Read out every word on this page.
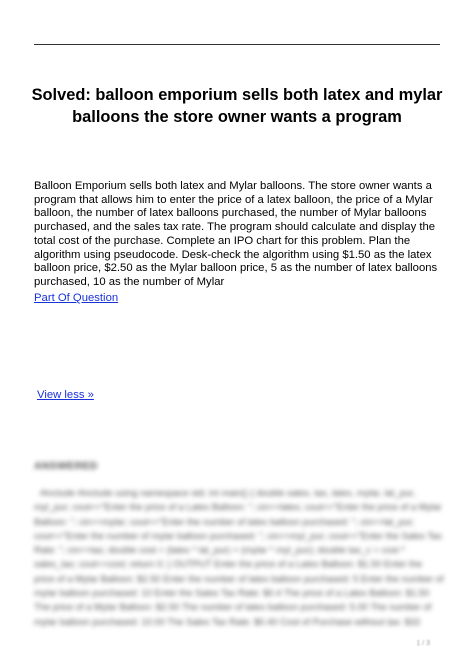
Solved: balloon emporium sells both latex and mylar balloons the store owner wants a program
Balloon Emporium sells both latex and Mylar balloons. The store owner wants a program that allows him to enter the price of a latex balloon, the price of a Mylar balloon, the number of latex balloons purchased, the number of Mylar balloons purchased, and the sales tax rate. The program should calculate and display the total cost of the purchase. Complete an IPO chart for this problem. Plan the algorithm using pseudocode. Desk-check the algorithm using $1.50 as the latex balloon price, $2.50 as the Mylar balloon price, 5 as the number of latex balloons purchased, 10 as the number of Mylar
Part Of Question
View less »
ANSWERED
#include #include using namespace std; int main() { double sales, tax, latex, mylar, lat_pur, myl_pur; cout<<"Enter the price of a Latex Balloon: "; cin>>latex; cout<<"Enter the price of a Mylar Balloon: "; cin>>mylar; cout<<"Enter the number of latex balloon purchased: "; cin>>lat_pur; cout<<"Enter the number of mylar balloon purchased: "; cin>>myl_pur; cout<<"Enter the Sales Tax Rate: "; cin>>tax; double cost = (latex * lat_pur) + (mylar * myl_pur); double tax_c = cost * sales_tax; cout<<cost; return 0; } OUTPUT Enter the price of a Latex Balloon: $1.50 Enter the price of a Mylar Balloon: $2.50 Enter the number of latex balloon purchased: 5 Enter the number of mylar balloon purchased: 10 Enter the Sales Tax Rate: $0.4 The price of a Latex Balloon: $1.50 The price of a Mylar Balloon: $2.50 The number of latex balloon purchased: 5.00 The number of mylar balloon purchased: 10.00 The Sales Tax Rate: $0.40 Cost of Purchase without tax: $32
1 / 3
